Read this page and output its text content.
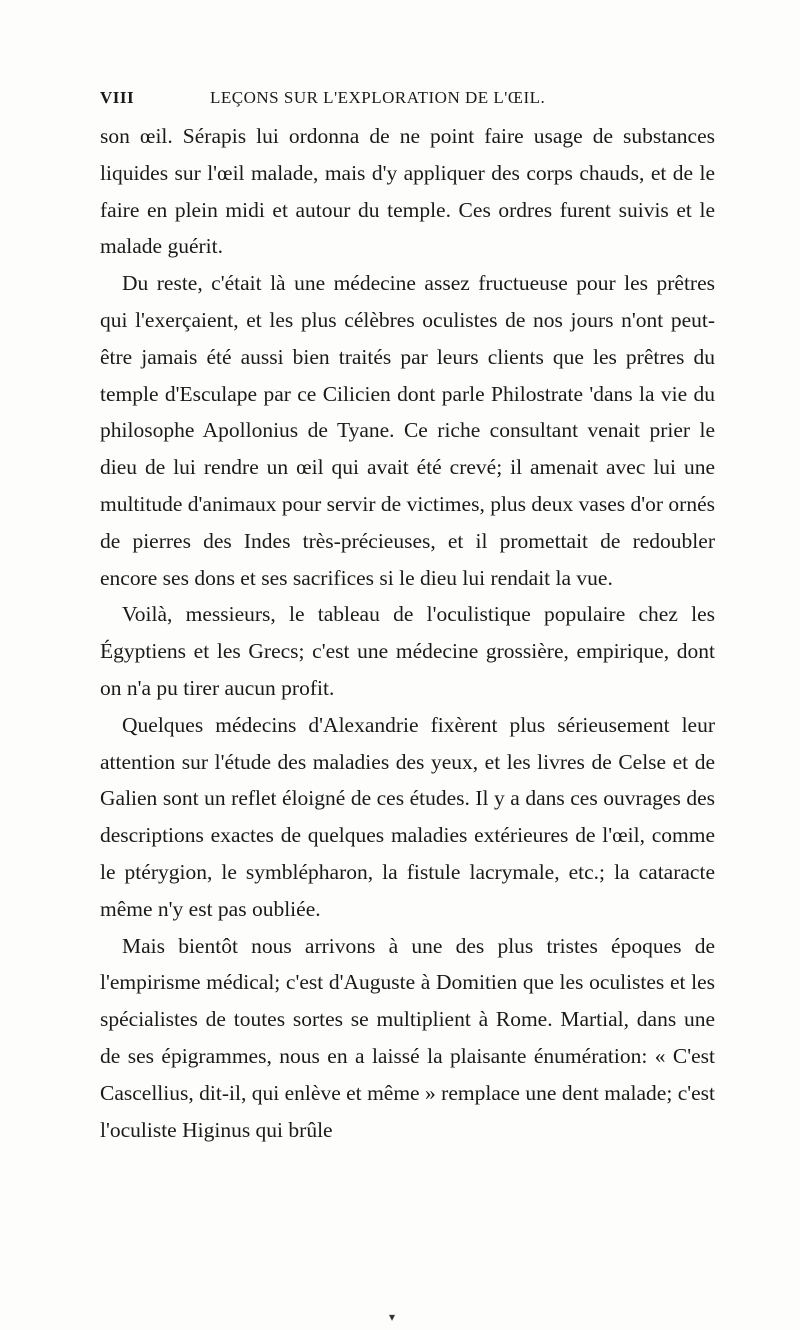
VIII	LEÇONS SUR L'EXPLORATION DE L'ŒIL.

son œil. Sérapis lui ordonna de ne point faire usage de substances liquides sur l'œil malade, mais d'y appliquer des corps chauds, et de le faire en plein midi et autour du temple. Ces ordres furent suivis et le malade guérit.

Du reste, c'était là une médecine assez fructueuse pour les prêtres qui l'exerçaient, et les plus célèbres oculistes de nos jours n'ont peut-être jamais été aussi bien traités par leurs clients que les prêtres du temple d'Esculape par ce Cilicien dont parle Philostrate 'dans la vie du philosophe Apollonius de Tyane. Ce riche consultant venait prier le dieu de lui rendre un œil qui avait été crevé; il amenait avec lui une multitude d'animaux pour servir de victimes, plus deux vases d'or ornés de pierres des Indes très-précieuses, et il promettait de redoubler encore ses dons et ses sacrifices si le dieu lui rendait la vue.

Voilà, messieurs, le tableau de l'oculistique populaire chez les Égyptiens et les Grecs; c'est une médecine grossière, empirique, dont on n'a pu tirer aucun profit.

Quelques médecins d'Alexandrie fixèrent plus sérieusement leur attention sur l'étude des maladies des yeux, et les livres de Celse et de Galien sont un reflet éloigné de ces études. Il y a dans ces ouvrages des descriptions exactes de quelques maladies extérieures de l'œil, comme le ptérygion, le symblépharon, la fistule lacrymale, etc.; la cataracte même n'y est pas oubliée.

Mais bientôt nous arrivons à une des plus tristes époques de l'empirisme médical; c'est d'Auguste à Domitien que les oculistes et les spécialistes de toutes sortes se multiplient à Rome. Martial, dans une de ses épigrammes, nous en a laissé la plaisante énumération: « C'est Cascellius, dit-il, qui enlève et même » remplace une dent malade; c'est l'oculiste Higinus qui brûle

▾
